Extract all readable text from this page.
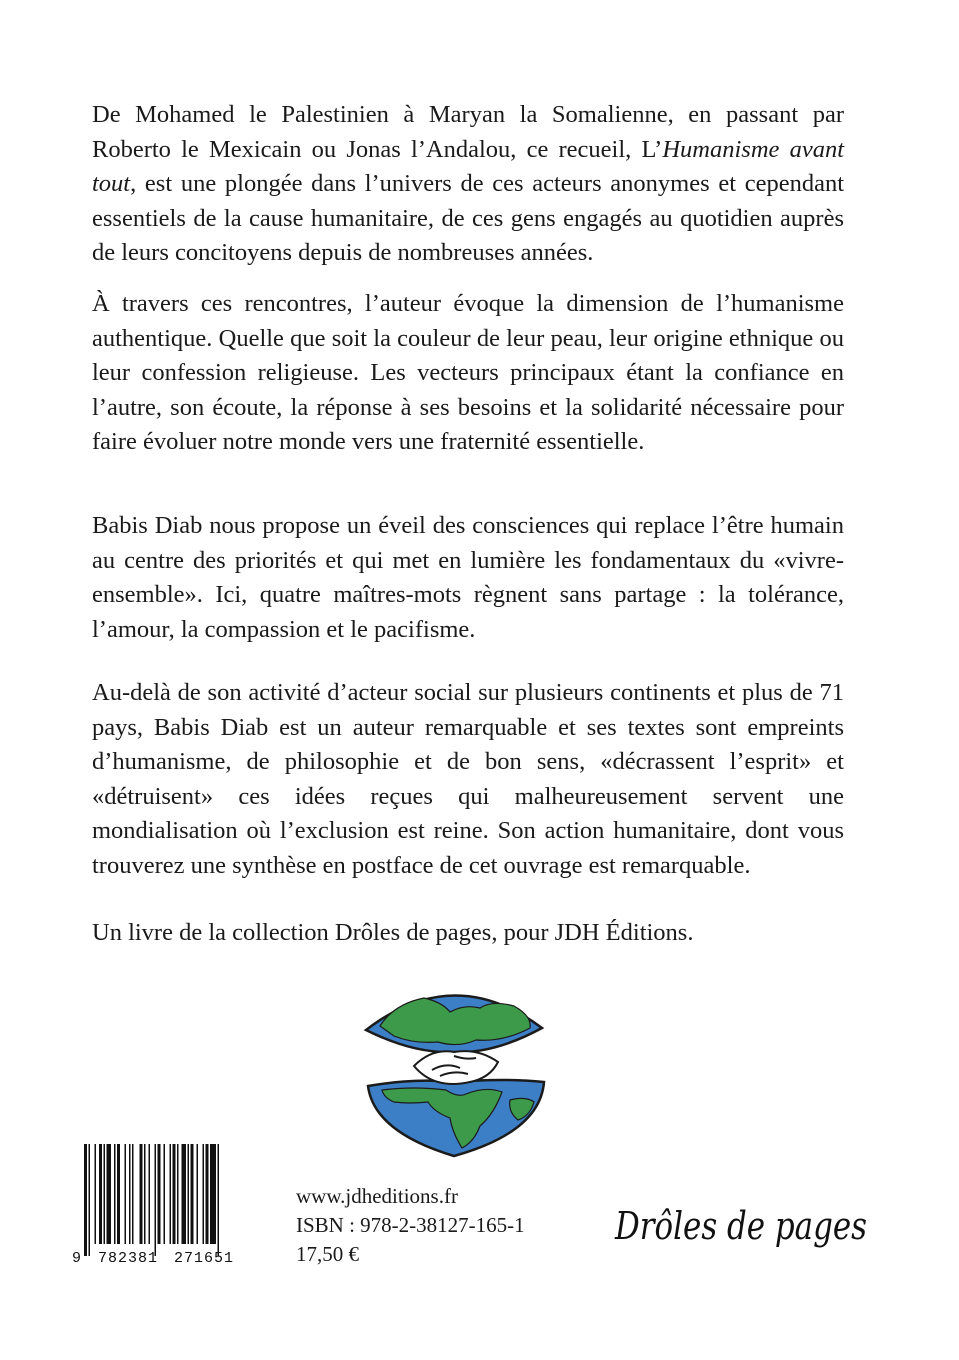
De Mohamed le Palestinien à Maryan la Somalienne, en passant par Roberto le Mexicain ou Jonas l’Andalou, ce recueil, L’Humanisme avant tout, est une plongée dans l’univers de ces acteurs anonymes et cependant essentiels de la cause humanitaire, de ces gens engagés au quotidien auprès de leurs concitoyens depuis de nombreuses années.

À travers ces rencontres, l’auteur évoque la dimension de l’humanisme authentique. Quelle que soit la couleur de leur peau, leur origine ethnique ou leur confession religieuse. Les vecteurs principaux étant la confiance en l’autre, son écoute, la réponse à ses besoins et la solidarité nécessaire pour faire évoluer notre monde vers une fraternité essentielle.

Babis Diab nous propose un éveil des consciences qui replace l’être humain au centre des priorités et qui met en lumière les fondamentaux du «vivre-ensemble». Ici, quatre maîtres-mots règnent sans partage : la tolérance, l’amour, la compassion et le pacifisme.

Au-delà de son activité d’acteur social sur plusieurs continents et plus de 71 pays, Babis Diab est un auteur remarquable et ses textes sont empreints d’humanisme, de philosophie et de bon sens, «décrassent l’esprit» et «détruisent» ces idées reçues qui malheureusement servent une mondialisation où l’exclusion est reine. Son action humanitaire, dont vous trouverez une synthèse en postface de cet ouvrage est remarquable.

Un livre de la collection Drôles de pages, pour JDH Éditions.

9 782381 271651
www.jdheditions.fr
ISBN : 978-2-38127-165-1
17,50 €
Drôles de pages
